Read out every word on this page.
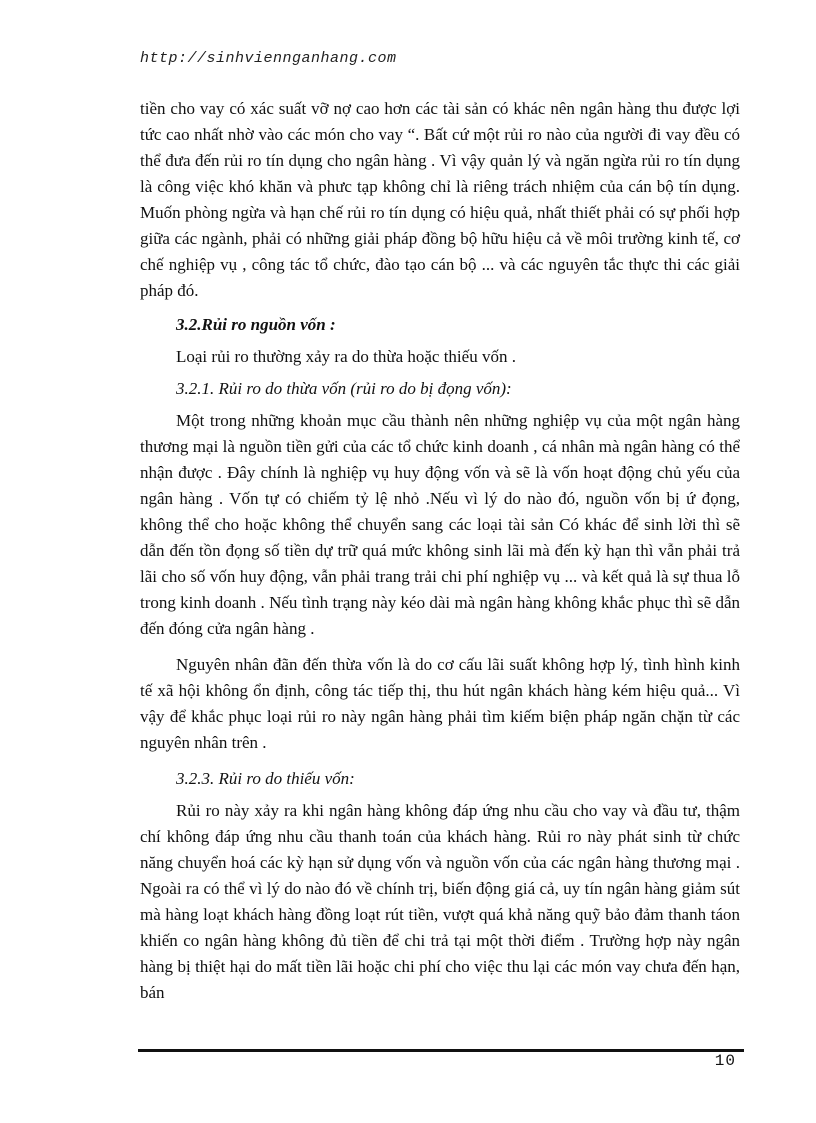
http://sinhviennganhang.com

tiền cho vay có xác suất vỡ nợ cao hơn các tài sản có khác nên ngân hàng thu được lợi tức cao nhất nhờ vào các món cho vay “. Bất cứ một rủi ro nào của người đi vay đều có thể đưa đến rủi ro tín dụng cho ngân hàng . Vì vậy quản lý và ngăn ngừa rủi ro tín dụng là công việc khó khăn và phưc tạp không chỉ là riêng trách nhiệm của cán bộ tín dụng. Muốn phòng ngừa và hạn chế rủi ro tín dụng có hiệu quả, nhất thiết phải có sự phối hợp giữa các ngành, phải có những giải pháp đồng bộ hữu hiệu cả về môi trường kinh tế, cơ chế nghiệp vụ , công tác tổ chức, đào tạo cán bộ ... và các nguyên tắc thực thi các giải pháp đó.

3.2.Rủi ro nguồn vốn :

Loại rủi ro thường xảy ra do thừa hoặc thiếu vốn .

3.2.1. Rủi ro do thừa vốn (rủi ro do bị đọng vốn):

Một trong những khoản mục cầu thành nên những nghiệp vụ của một ngân hàng thương mại là nguồn tiền gửi của các tổ chức kinh doanh , cá nhân mà ngân hàng có thể nhận được . Đây chính là nghiệp vụ huy động vốn và sẽ là vốn hoạt động chủ yếu của ngân hàng . Vốn tự có chiếm tỷ lệ nhỏ .Nếu vì lý do nào đó, nguồn vốn bị ứ đọng, không thể cho hoặc không thể chuyển sang các loại tài sản Có khác để sinh lời thì sẽ dẫn đến tồn đọng số tiền dự trữ quá mức không sinh lãi mà đến kỳ hạn thì vẫn phải trả lãi cho số vốn huy động, vẫn phải trang trải chi phí nghiệp vụ ... và kết quả là sự thua lỗ trong kinh doanh . Nếu tình trạng này kéo dài mà ngân hàng không khắc phục thì sẽ dẫn đến đóng cửa ngân hàng .

Nguyên nhân đãn đến thừa vốn là do cơ cấu lãi suất không hợp lý, tình hình kinh tế xã hội không ổn định, công tác tiếp thị, thu hút ngân khách hàng kém hiệu quả... Vì vậy để khắc phục loại rủi ro này ngân hàng phải tìm kiếm biện pháp ngăn chặn từ các nguyên nhân trên .

3.2.3. Rủi ro do thiếu vốn:

Rủi ro này xảy ra khi ngân hàng không đáp ứng nhu cầu cho vay và đầu tư, thậm chí không đáp ứng nhu cầu thanh toán của khách hàng. Rủi ro này phát sinh từ chức năng chuyển hoá các kỳ hạn sử dụng vốn và nguồn vốn của các ngân hàng thương mại . Ngoài ra có thể vì lý do nào đó về chính trị, biến động giá cả, uy tín ngân hàng giảm sút mà hàng loạt khách hàng đồng loạt rút tiền, vượt quá khả năng quỹ bảo đảm thanh táon khiến co ngân hàng không đủ tiền để chi trả tại một thời điểm . Trường hợp này ngân hàng bị thiệt hại do mất tiền lãi hoặc chi phí cho việc thu lại các món vay chưa đến hạn, bán

10
